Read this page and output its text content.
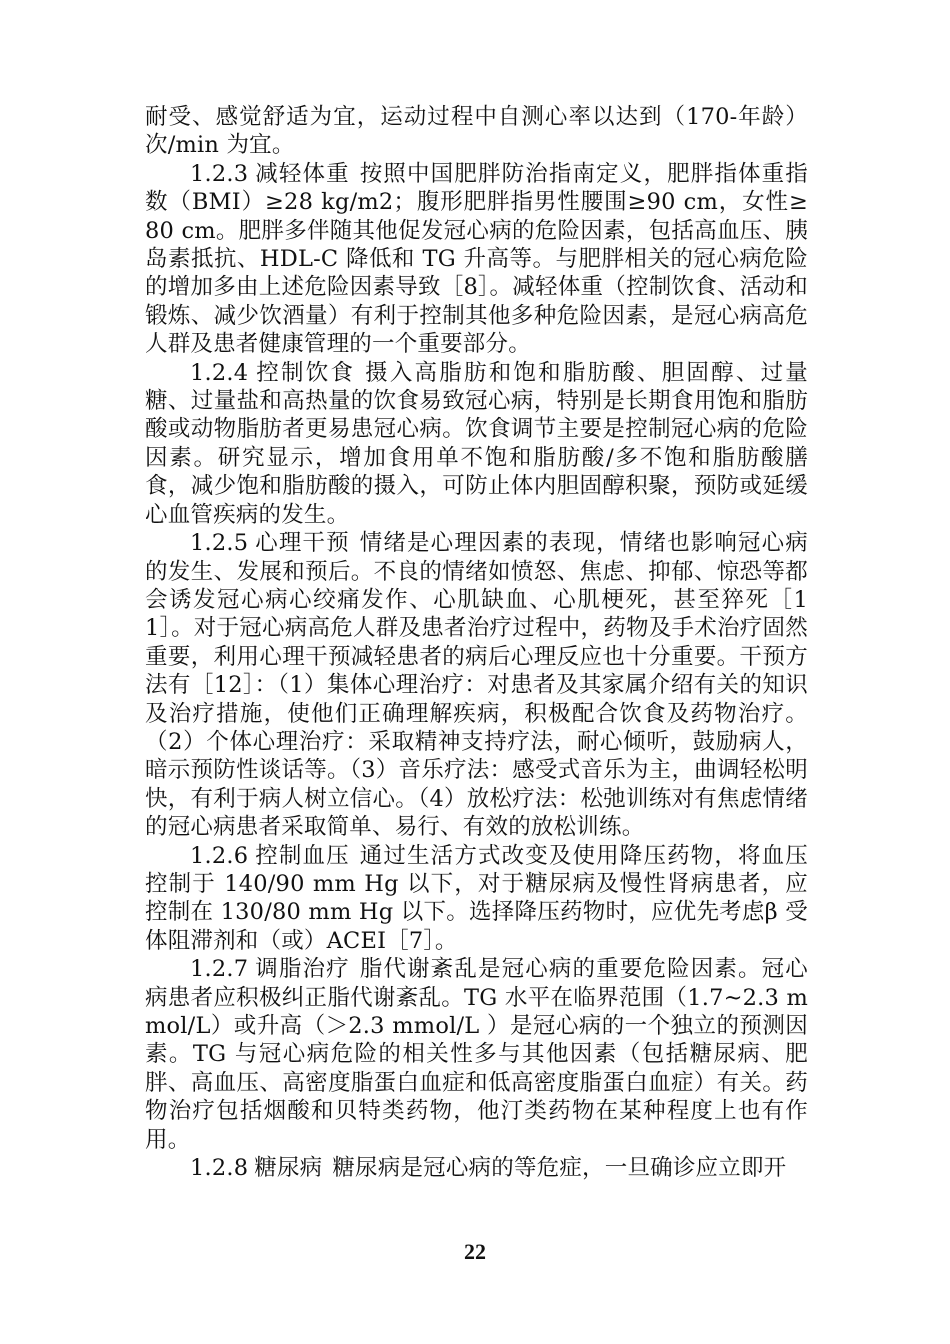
耐受、感觉舒适为宜，运动过程中自测心率以达到（170-年龄）次/min 为宜。

1.2.3 减轻体重 按照中国肥胖防治指南定义，肥胖指体重指数（BMI）≥28 kg/m2；腹形肥胖指男性腰围≥90 cm，女性≥80 cm。肥胖多伴随其他促发冠心病的危险因素，包括高血压、胰岛素抵抗、HDL-C 降低和 TG 升高等。与肥胖相关的冠心病危险的增加多由上述危险因素导致［8］。减轻体重（控制饮食、活动和锻炼、减少饮酒量）有利于控制其他多种危险因素，是冠心病高危人群及患者健康管理的一个重要部分。

1.2.4 控制饮食 摄入高脂肪和饱和脂肪酸、胆固醇、过量糖、过量盐和高热量的饮食易致冠心病，特别是长期食用饱和脂肪酸或动物脂肪者更易患冠心病。饮食调节主要是控制冠心病的危险因素。研究显示，增加食用单不饱和脂肪酸/多不饱和脂肪酸膳食，减少饱和脂肪酸的摄入，可防止体内胆固醇积聚，预防或延缓心血管疾病的发生。

1.2.5 心理干预 情绪是心理因素的表现，情绪也影响冠心病的发生、发展和预后。不良的情绪如愤怒、焦虑、抑郁、惊恐等都会诱发冠心病心绞痛发作、心肌缺血、心肌梗死，甚至猝死［11］。对于冠心病高危人群及患者治疗过程中，药物及手术治疗固然重要，利用心理干预减轻患者的病后心理反应也十分重要。干预方法有［12］：（1）集体心理治疗：对患者及其家属介绍有关的知识及治疗措施，使他们正确理解疾病，积极配合饮食及药物治疗。（2）个体心理治疗：采取精神支持疗法，耐心倾听，鼓励病人，暗示预防性谈话等。（3）音乐疗法：感受式音乐为主，曲调轻松明快，有利于病人树立信心。（4）放松疗法：松弛训练对有焦虑情绪的冠心病患者采取简单、易行、有效的放松训练。

1.2.6 控制血压 通过生活方式改变及使用降压药物，将血压控制于 140/90 mm Hg 以下，对于糖尿病及慢性肾病患者，应控制在 130/80 mm Hg 以下。选择降压药物时，应优先考虑β 受体阻滞剂和（或）ACEI［7］。

1.2.7 调脂治疗 脂代谢紊乱是冠心病的重要危险因素。冠心病患者应积极纠正脂代谢紊乱。TG 水平在临界范围（1.7~2.3 mmol/L）或升高（＞2.3 mmol/L ）是冠心病的一个独立的预测因素。TG 与冠心病危险的相关性多与其他因素（包括糖尿病、肥胖、高血压、高密度脂蛋白血症和低高密度脂蛋白血症）有关。药物治疗包括烟酸和贝特类药物，他汀类药物在某种程度上也有作用。

1.2.8 糖尿病 糖尿病是冠心病的等危症，一旦确诊应立即开

22
